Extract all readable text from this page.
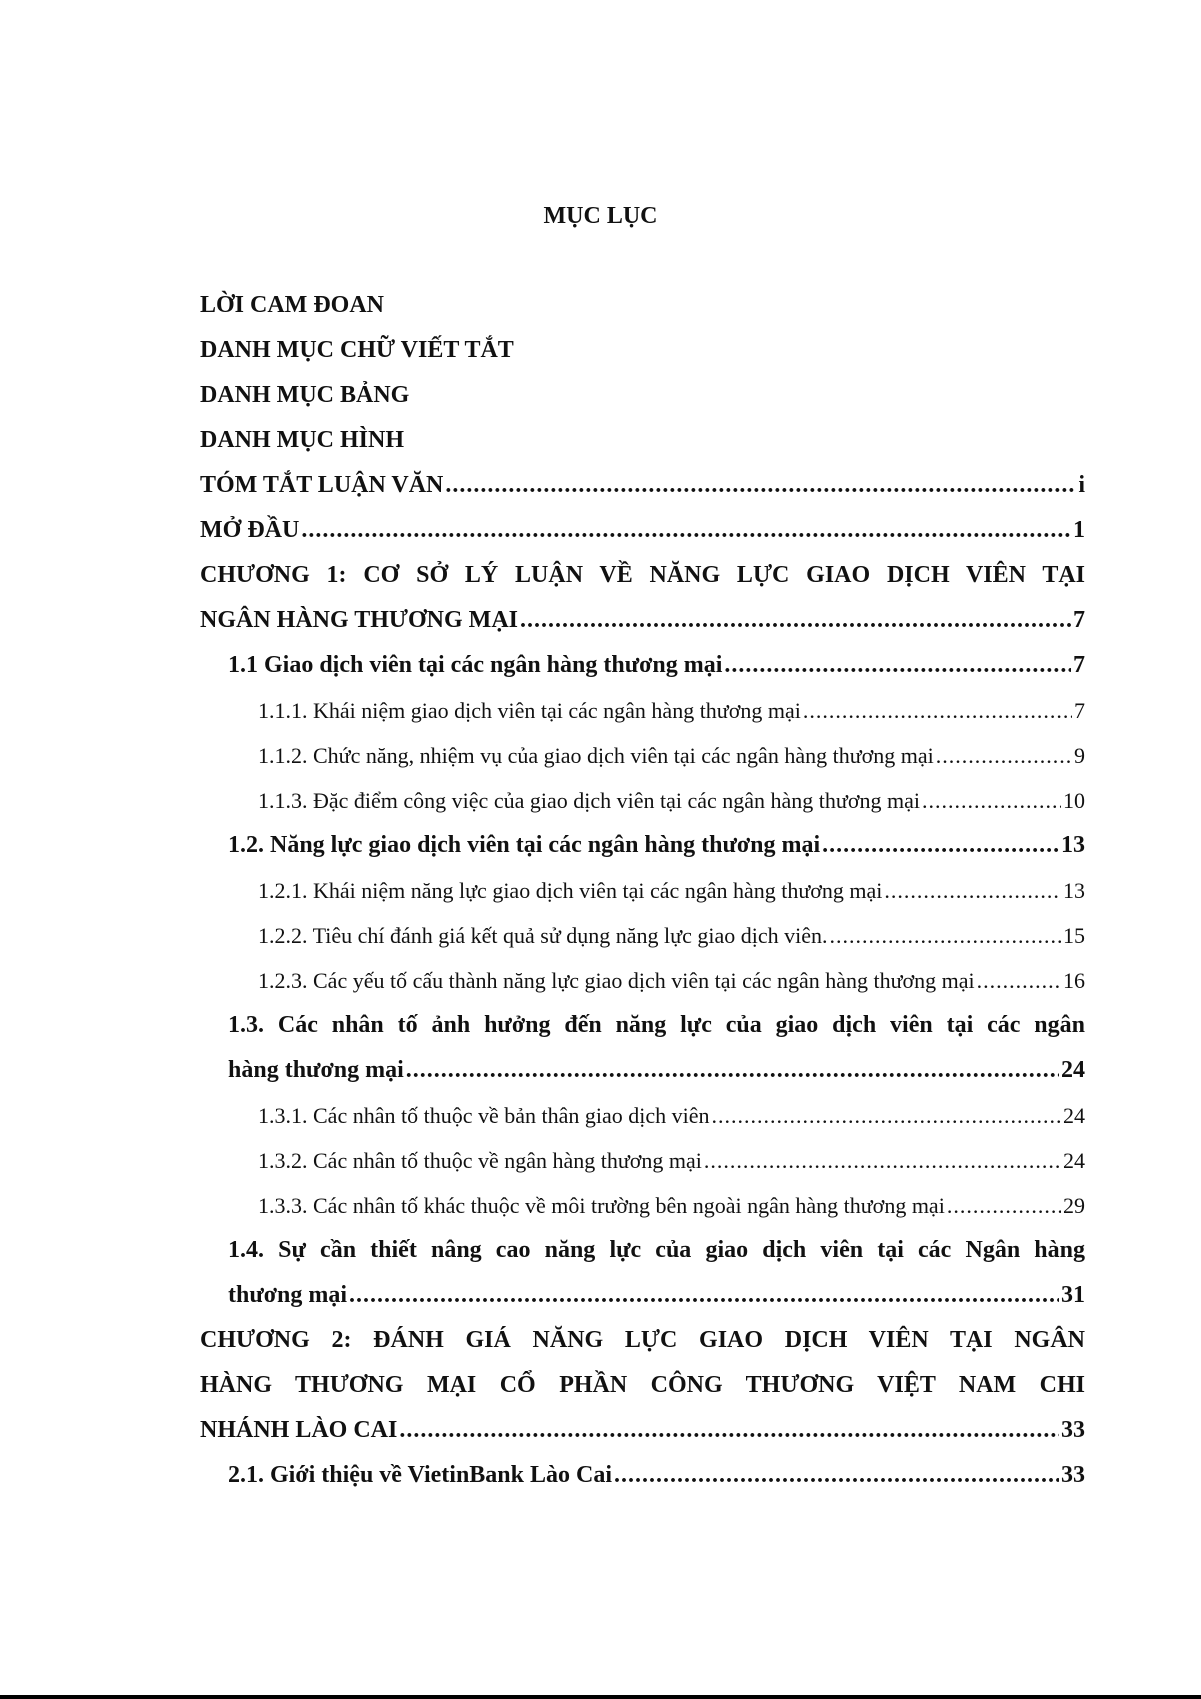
MỤC LỤC
LỜI CAM ĐOAN
DANH MỤC CHỮ VIẾT TẮT
DANH MỤC BẢNG
DANH MỤC HÌNH
TÓM TẮT LUẬN VĂN .....	i
MỞ ĐẦU .....	1
CHƯƠNG 1: CƠ SỞ LÝ LUẬN VỀ NĂNG LỰC GIAO DỊCH VIÊN TẠI
NGÂN HÀNG THƯƠNG MẠI .....	7
1.1 Giao dịch viên tại các ngân hàng thương mại .....	7
1.1.1. Khái niệm giao dịch viên tại các ngân hàng thương mại .....	7
1.1.2. Chức năng, nhiệm vụ của giao dịch viên tại các ngân hàng thương mại .....	9
1.1.3. Đặc điểm công việc của giao dịch viên tại các ngân hàng thương mại .....	10
1.2. Năng lực giao dịch viên tại các ngân hàng thương mại .....	13
1.2.1. Khái niệm năng lực giao dịch viên tại các ngân hàng thương mại .....	13
1.2.2. Tiêu chí đánh giá kết quả sử dụng năng lực giao dịch viên. .....	15
1.2.3. Các yếu tố cấu thành năng lực giao dịch viên tại các ngân hàng thương mại .....	16
1.3. Các nhân tố ảnh hưởng đến năng lực của giao dịch viên tại các ngân
hàng thương mại .....	24
1.3.1. Các nhân tố thuộc về bản thân giao dịch viên .....	24
1.3.2. Các nhân tố thuộc về ngân hàng thương mại .....	24
1.3.3. Các nhân tố khác thuộc về môi trường bên ngoài ngân hàng thương mại .....	29
1.4. Sự cần thiết nâng cao năng lực của giao dịch viên tại các Ngân hàng
thương mại .....	31
CHƯƠNG 2: ĐÁNH GIÁ NĂNG LỰC GIAO DỊCH VIÊN TẠI NGÂN
HÀNG THƯƠNG MẠI CỔ PHẦN CÔNG THƯƠNG VIỆT NAM CHI
NHÁNH LÀO CAI .....	33
2.1. Giới thiệu về VietinBank Lào Cai .....	33
